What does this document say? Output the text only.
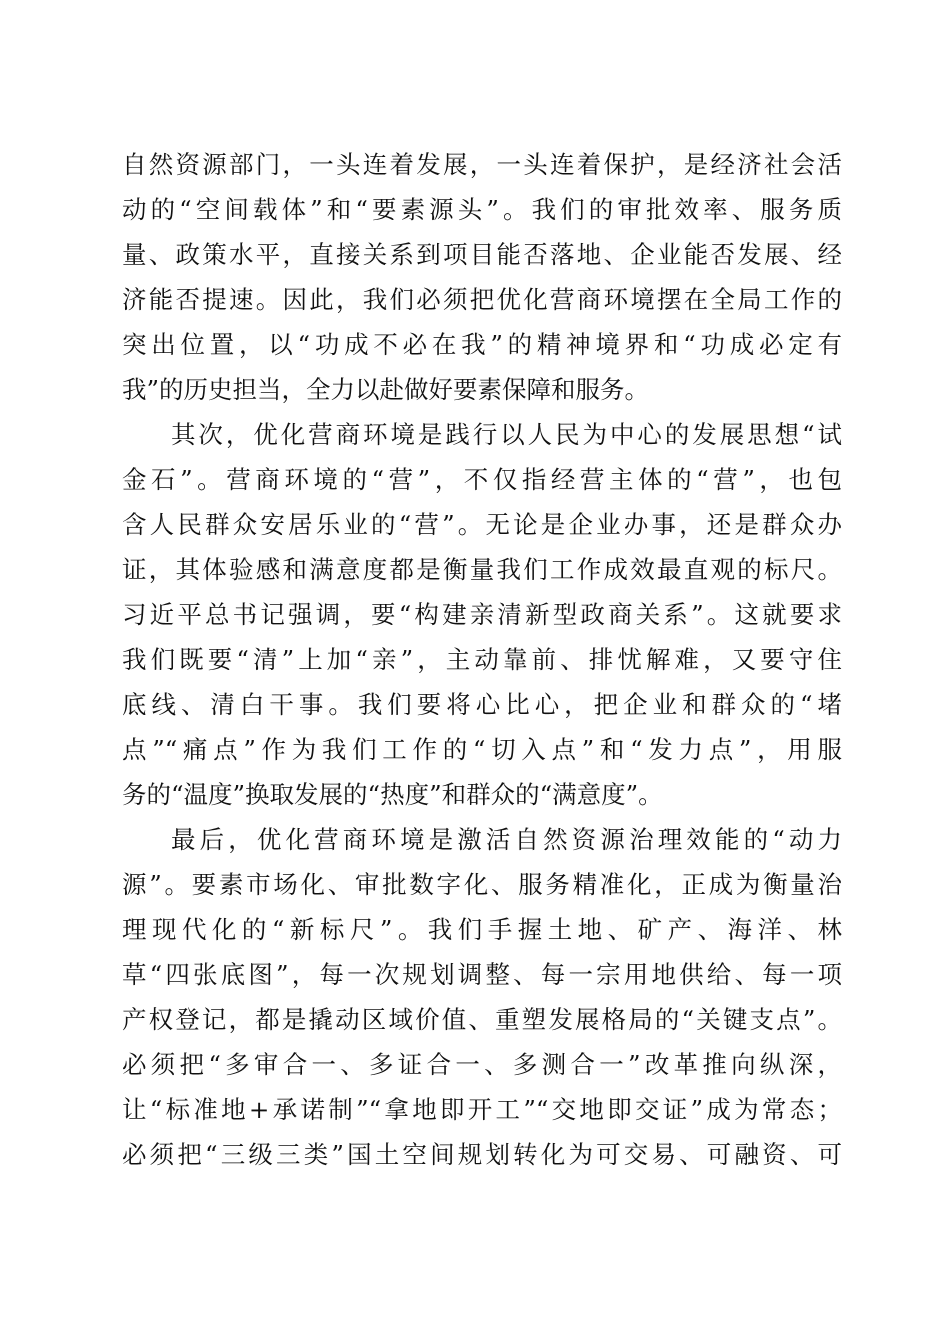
自然资源部门，一头连着发展，一头连着保护，是经济社会活
动的“空间载体”和“要素源头”。我们的审批效率、服务质
量、政策水平，直接关系到项目能否落地、企业能否发展、经
济能否提速。因此，我们必须把优化营商环境摆在全局工作的
突出位置，以“功成不必在我”的精神境界和“功成必定有
我”的历史担当，全力以赴做好要素保障和服务。
其次，优化营商环境是践行以人民为中心的发展思想“试
金石”。营商环境的“营”，不仅指经营主体的“营”，也包
含人民群众安居乐业的“营”。无论是企业办事，还是群众办
证，其体验感和满意度都是衡量我们工作成效最直观的标尺。
习近平总书记强调，要“构建亲清新型政商关系”。这就要求
我们既要“清”上加“亲”，主动靠前、排忧解难，又要守住
底线、清白干事。我们要将心比心，把企业和群众的“堵
点”“痛点”作为我们工作的“切入点”和“发力点”，用服
务的“温度”换取发展的“热度”和群众的“满意度”。
最后，优化营商环境是激活自然资源治理效能的“动力
源”。要素市场化、审批数字化、服务精准化，正成为衡量治
理现代化的“新标尺”。我们手握土地、矿产、海洋、林
草“四张底图”，每一次规划调整、每一宗用地供给、每一项
产权登记，都是撬动区域价值、重塑发展格局的“关键支点”。
必须把“多审合一、多证合一、多测合一”改革推向纵深，
让“标准地+承诺制”“拿地即开工”“交地即交证”成为常态；
必须把“三级三类”国土空间规划转化为可交易、可融资、可
